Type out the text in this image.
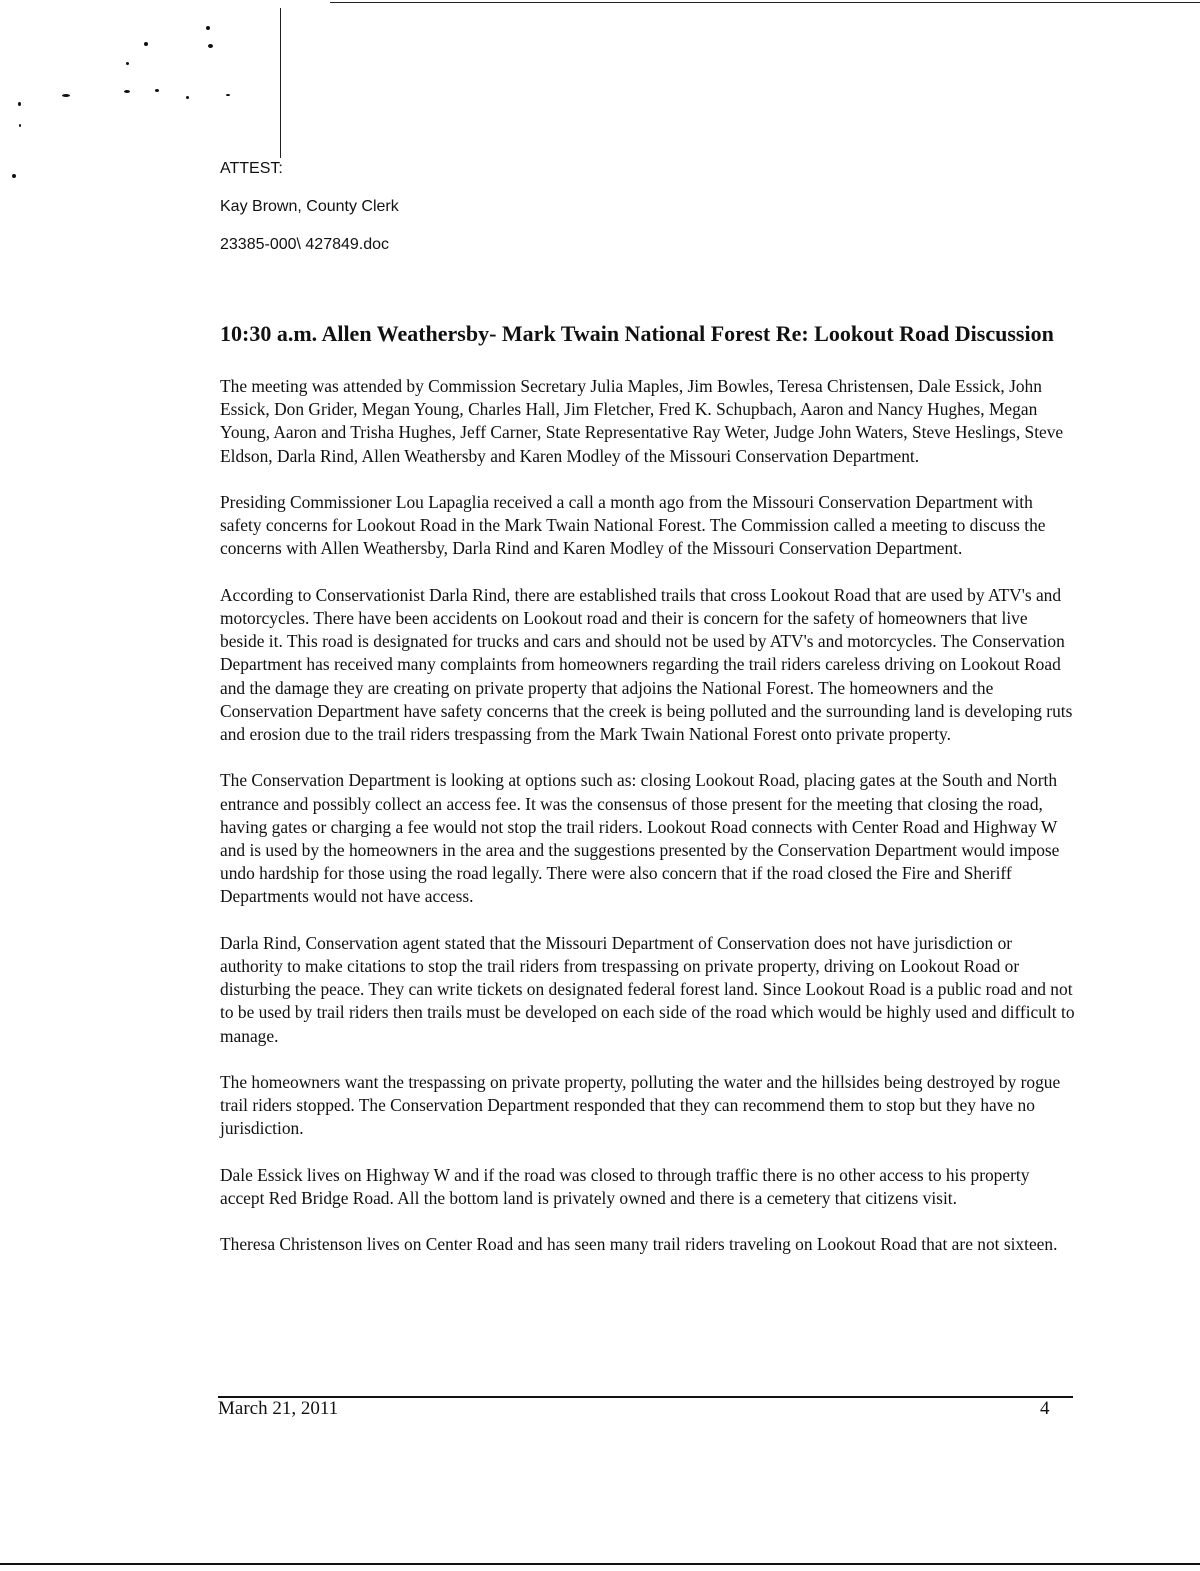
ATTEST:
Kay Brown, County Clerk
23385-000\ 427849.doc
10:30 a.m. Allen Weathersby- Mark Twain National Forest Re: Lookout Road Discussion

The meeting was attended by Commission Secretary Julia Maples, Jim Bowles, Teresa Christensen, Dale Essick, John Essick, Don Grider, Megan Young, Charles Hall, Jim Fletcher, Fred K. Schupbach, Aaron and Nancy Hughes, Megan Young, Aaron and Trisha Hughes, Jeff Carner, State Representative Ray Weter, Judge John Waters, Steve Heslings, Steve Eldson, Darla Rind, Allen Weathersby and Karen Modley of the Missouri Conservation Department.

Presiding Commissioner Lou Lapaglia received a call a month ago from the Missouri Conservation Department with safety concerns for Lookout Road in the Mark Twain National Forest. The Commission called a meeting to discuss the concerns with Allen Weathersby, Darla Rind and Karen Modley of the Missouri Conservation Department.

According to Conservationist Darla Rind, there are established trails that cross Lookout Road that are used by ATV's and motorcycles. There have been accidents on Lookout road and their is concern for the safety of homeowners that live beside it. This road is designated for trucks and cars and should not be used by ATV's and motorcycles. The Conservation Department has received many complaints from homeowners regarding the trail riders careless driving on Lookout Road and the damage they are creating on private property that adjoins the National Forest. The homeowners and the Conservation Department have safety concerns that the creek is being polluted and the surrounding land is developing ruts and erosion due to the trail riders trespassing from the Mark Twain National Forest onto private property.

The Conservation Department is looking at options such as: closing Lookout Road, placing gates at the South and North entrance and possibly collect an access fee. It was the consensus of those present for the meeting that closing the road, having gates or charging a fee would not stop the trail riders. Lookout Road connects with Center Road and Highway W and is used by the homeowners in the area and the suggestions presented by the Conservation Department would impose undo hardship for those using the road legally. There were also concern that if the road closed the Fire and Sheriff Departments would not have access.

Darla Rind, Conservation agent stated that the Missouri Department of Conservation does not have jurisdiction or authority to make citations to stop the trail riders from trespassing on private property, driving on Lookout Road or disturbing the peace. They can write tickets on designated federal forest land. Since Lookout Road is a public road and not to be used by trail riders then trails must be developed on each side of the road which would be highly used and difficult to manage.

The homeowners want the trespassing on private property, polluting the water and the hillsides being destroyed by rogue trail riders stopped. The Conservation Department responded that they can recommend them to stop but they have no jurisdiction.

Dale Essick lives on Highway W and if the road was closed to through traffic there is no other access to his property accept Red Bridge Road. All the bottom land is privately owned and there is a cemetery that citizens visit.

Theresa Christenson lives on Center Road and has seen many trail riders traveling on Lookout Road that are not sixteen.

March 21, 2011	4
